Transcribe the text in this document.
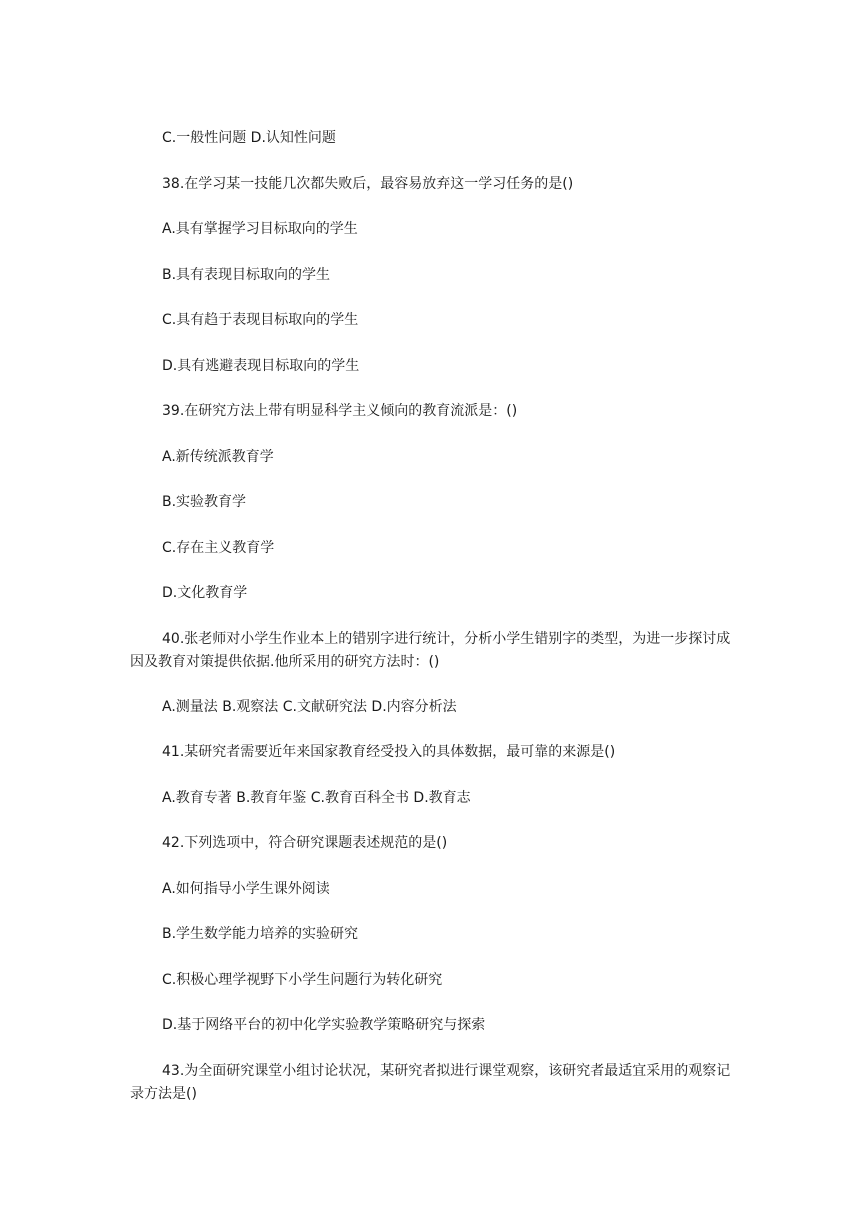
C.一般性问题 D.认知性问题

38.在学习某一技能几次都失败后，最容易放弃这一学习任务的是()

A.具有掌握学习目标取向的学生

B.具有表现目标取向的学生

C.具有趋于表现目标取向的学生

D.具有逃避表现目标取向的学生

39.在研究方法上带有明显科学主义倾向的教育流派是：()

A.新传统派教育学

B.实验教育学

C.存在主义教育学

D.文化教育学

40.张老师对小学生作业本上的错别字进行统计，分析小学生错别字的类型，为进一步探讨成因及教育对策提供依据.他所采用的研究方法时：()

A.测量法 B.观察法 C.文献研究法 D.内容分析法

41.某研究者需要近年来国家教育经受投入的具体数据，最可靠的来源是()

A.教育专著 B.教育年鉴 C.教育百科全书 D.教育志

42.下列选项中，符合研究课题表述规范的是()

A.如何指导小学生课外阅读

B.学生数学能力培养的实验研究

C.积极心理学视野下小学生问题行为转化研究

D.基于网络平台的初中化学实验教学策略研究与探索

43.为全面研究课堂小组讨论状况，某研究者拟进行课堂观察，该研究者最适宜采用的观察记录方法是()
